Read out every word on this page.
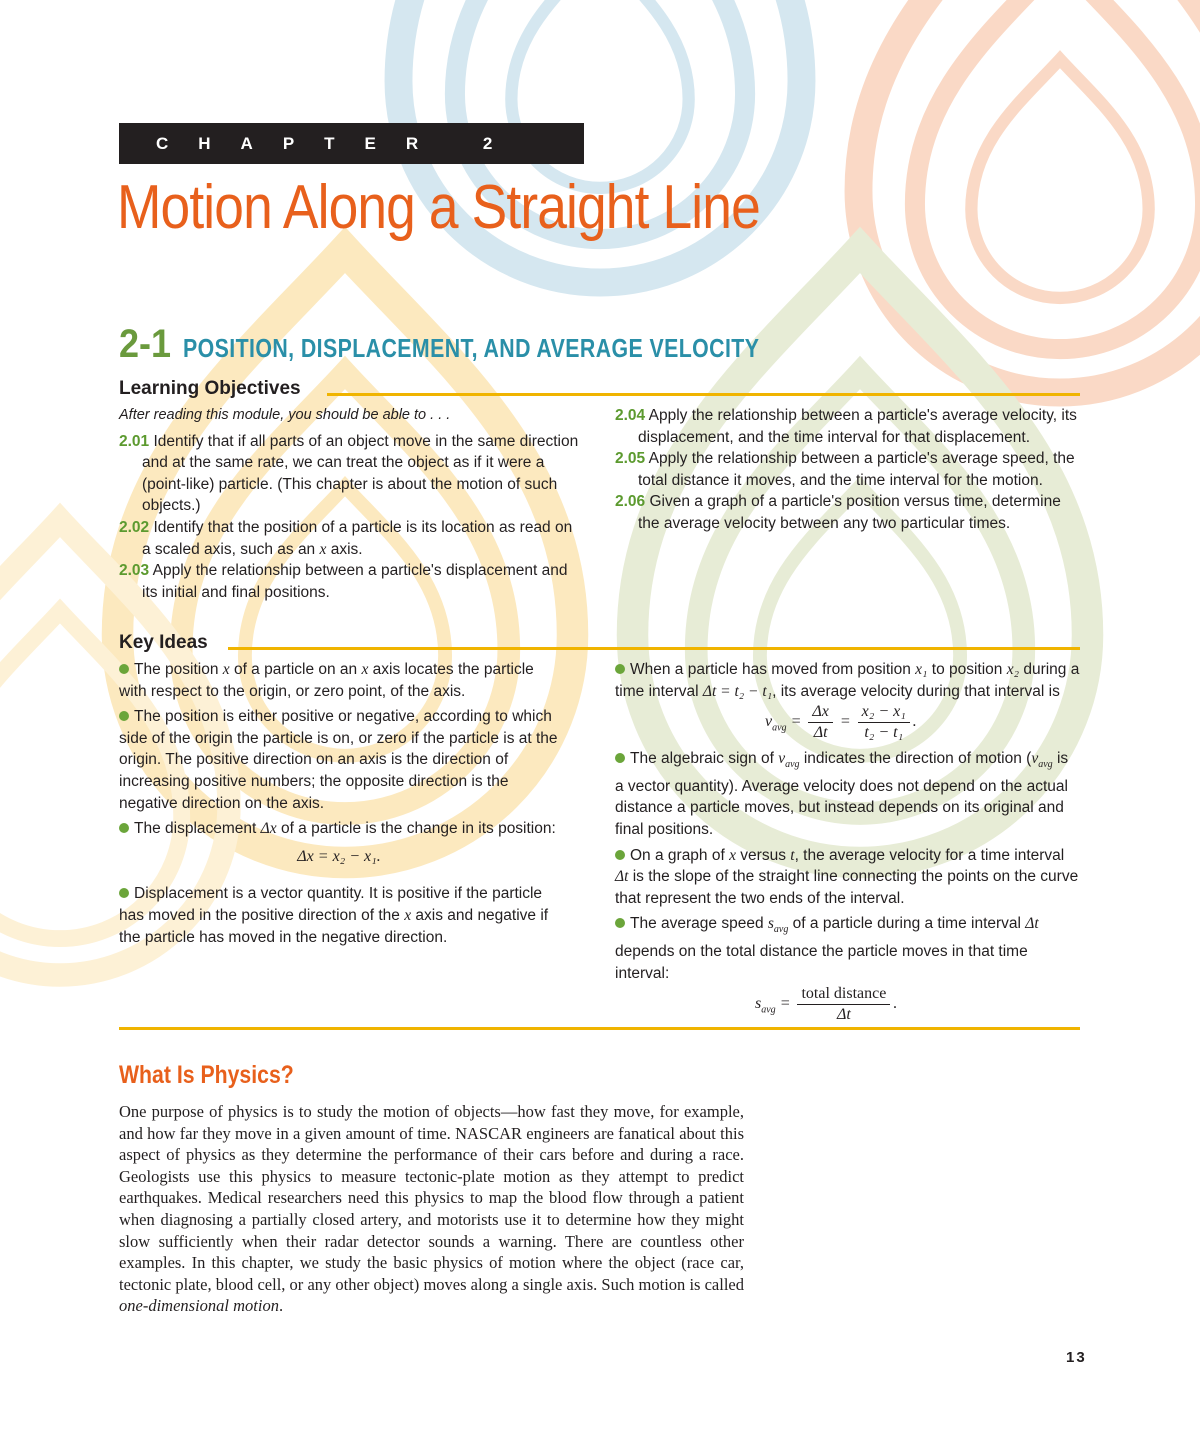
CHAPTER 2
Motion Along a Straight Line
2-1 POSITION, DISPLACEMENT, AND AVERAGE VELOCITY
Learning Objectives

After reading this module, you should be able to . . .

2.01 Identify that if all parts of an object move in the same direction and at the same rate, we can treat the object as if it were a (point-like) particle. (This chapter is about the motion of such objects.)

2.02 Identify that the position of a particle is its location as read on a scaled axis, such as an x axis.

2.03 Apply the relationship between a particle's displacement and its initial and final positions.

2.04 Apply the relationship between a particle's average velocity, its displacement, and the time interval for that displacement.

2.05 Apply the relationship between a particle's average speed, the total distance it moves, and the time interval for the motion.

2.06 Given a graph of a particle's position versus time, determine the average velocity between any two particular times.

Key Ideas

The position x of a particle on an x axis locates the particle with respect to the origin, or zero point, of the axis.

The position is either positive or negative, according to which side of the origin the particle is on, or zero if the particle is at the origin. The positive direction on an axis is the direction of increasing positive numbers; the opposite direction is the negative direction on the axis.

The displacement Δx of a particle is the change in its position:

Δx = x₂ − x₁.

Displacement is a vector quantity. It is positive if the particle has moved in the positive direction of the x axis and negative if the particle has moved in the negative direction.

When a particle has moved from position x₁ to position x₂ during a time interval Δt = t₂ − t₁, its average velocity during that interval is

$v_{avg} = \frac{\Delta x}{\Delta t} = \frac{\text{x₂ − x₁}}{\text{t₂ − t₁}}$ .

The algebraic sign of $v_{avg}$ indicates the direction of motion ($v_{avg}$ is a vector quantity). Average velocity does not depend on the actual distance a particle moves, but instead depends on its original and final positions.

On a graph of x versus t, the average velocity for a time interval Δt is the slope of the straight line connecting the points on the curve that represent the two ends of the interval.

The average speed $s_{avg}$ of a particle during a time interval Δt depends on the total distance the particle moves in that time interval:

$s_{avg} = \frac{\text{total distance}}{\Delta t}$ .
What Is Physics?

One purpose of physics is to study the motion of objects—how fast they move, for example, and how far they move in a given amount of time. NASCAR engineers are fanatical about this aspect of physics as they determine the performance of their cars before and during a race. Geologists use this physics to measure tectonic-plate motion as they attempt to predict earthquakes. Medical researchers need this physics to map the blood flow through a patient when diagnosing a partially closed artery, and motorists use it to determine how they might slow sufficiently when their radar detector sounds a warning. There are countless other examples. In this chapter, we study the basic physics of motion where the object (race car, tectonic plate, blood cell, or any other object) moves along a single axis. Such motion is called one-dimensional motion.

13
